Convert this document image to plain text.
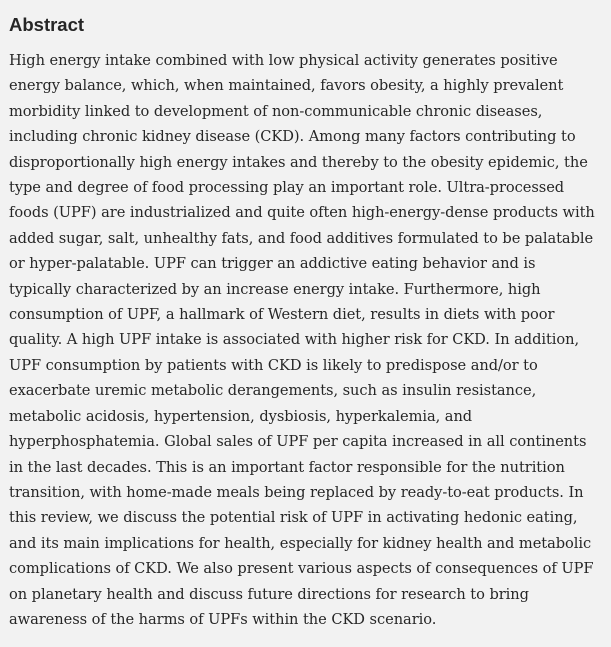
Abstract

High energy intake combined with low physical activity generates positive energy balance, which, when maintained, favors obesity, a highly prevalent morbidity linked to development of non-communicable chronic diseases, including chronic kidney disease (CKD). Among many factors contributing to disproportionally high energy intakes and thereby to the obesity epidemic, the type and degree of food processing play an important role. Ultra-processed foods (UPF) are industrialized and quite often high-energy-dense products with added sugar, salt, unhealthy fats, and food additives formulated to be palatable or hyper-palatable. UPF can trigger an addictive eating behavior and is typically characterized by an increase energy intake. Furthermore, high consumption of UPF, a hallmark of Western diet, results in diets with poor quality. A high UPF intake is associated with higher risk for CKD. In addition, UPF consumption by patients with CKD is likely to predispose and/or to exacerbate uremic metabolic derangements, such as insulin resistance, metabolic acidosis, hypertension, dysbiosis, hyperkalemia, and hyperphosphatemia. Global sales of UPF per capita increased in all continents in the last decades. This is an important factor responsible for the nutrition transition, with home-made meals being replaced by ready-to-eat products. In this review, we discuss the potential risk of UPF in activating hedonic eating, and its main implications for health, especially for kidney health and metabolic complications of CKD. We also present various aspects of consequences of UPF on planetary health and discuss future directions for research to bring awareness of the harms of UPFs within the CKD scenario.
